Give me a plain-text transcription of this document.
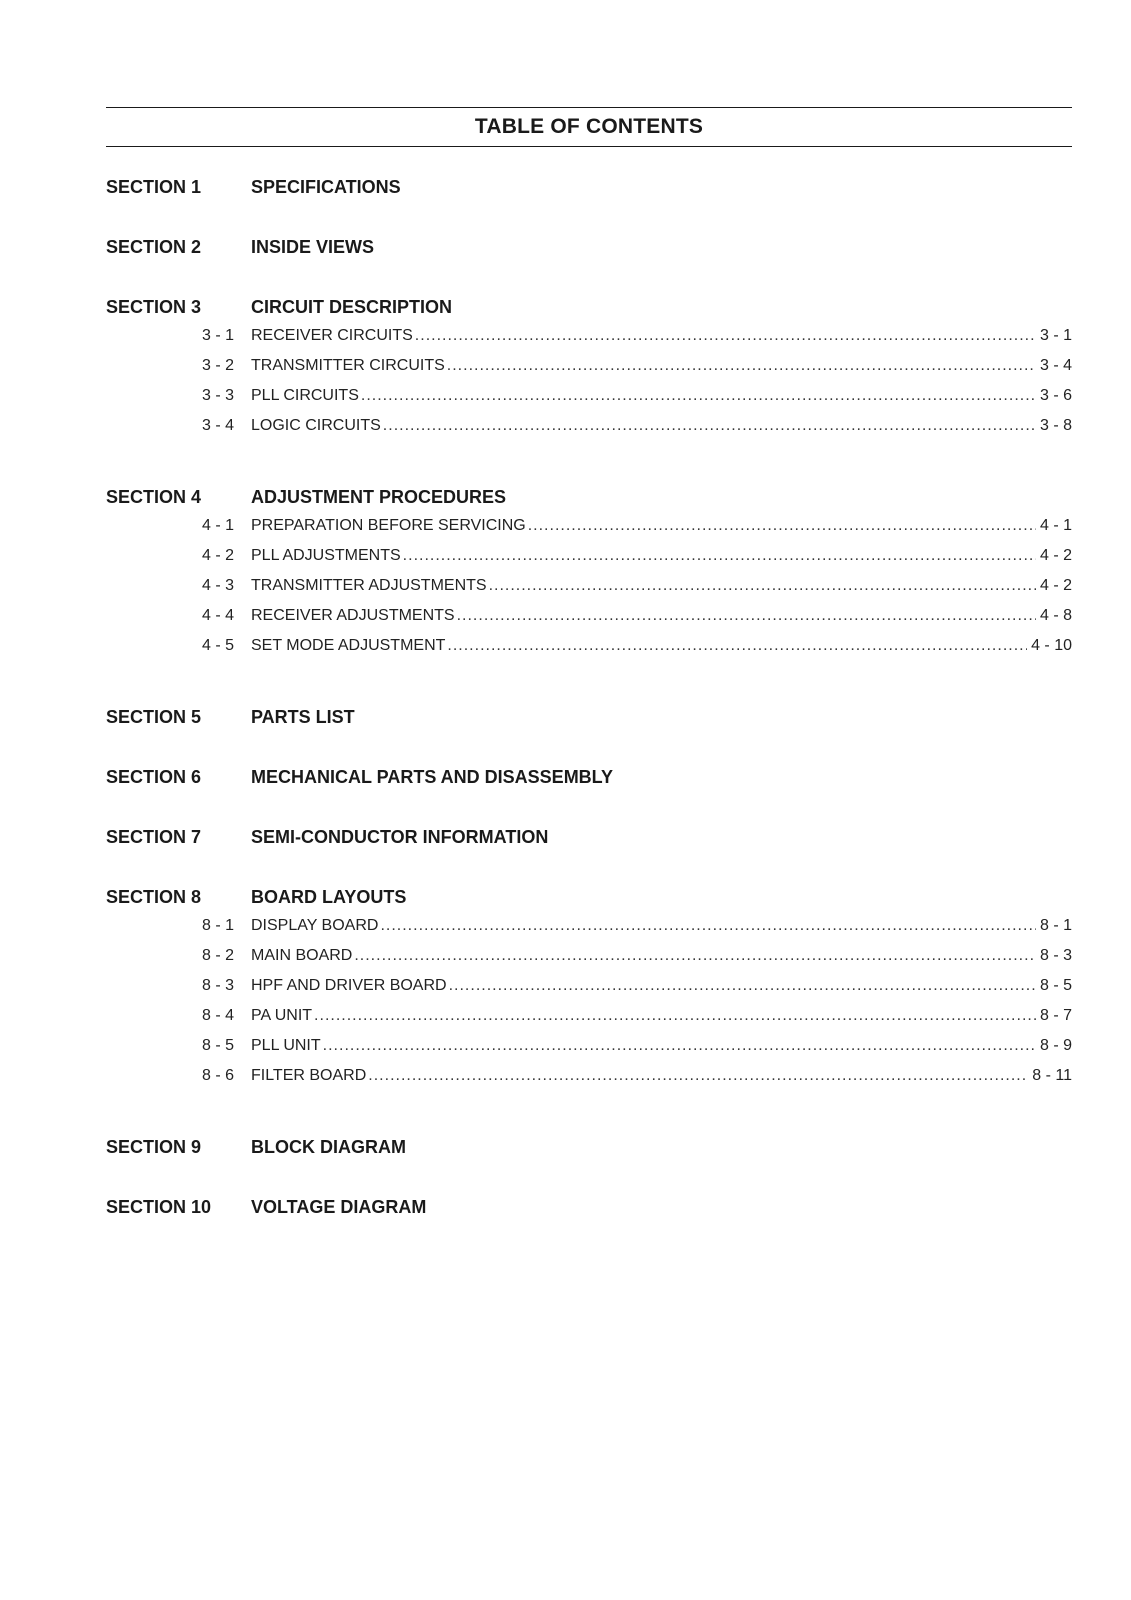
TABLE OF CONTENTS
SECTION 1	SPECIFICATIONS
SECTION 2	INSIDE VIEWS
SECTION 3	CIRCUIT DESCRIPTION
3 - 1	RECEIVER CIRCUITS .....	3 - 1
3 - 2	TRANSMITTER CIRCUITS .....	3 - 4
3 - 3	PLL CIRCUITS .....	3 - 6
3 - 4	LOGIC CIRCUITS .....	3 - 8
SECTION 4	ADJUSTMENT PROCEDURES
4 - 1	PREPARATION BEFORE SERVICING .....	4 - 1
4 - 2	PLL ADJUSTMENTS .....	4 - 2
4 - 3	TRANSMITTER ADJUSTMENTS .....	4 - 2
4 - 4	RECEIVER ADJUSTMENTS .....	4 - 8
4 - 5	SET MODE ADJUSTMENT .....	4 - 10
SECTION 5	PARTS LIST
SECTION 6	MECHANICAL PARTS AND DISASSEMBLY
SECTION 7	SEMI-CONDUCTOR INFORMATION
SECTION 8	BOARD LAYOUTS
8 - 1	DISPLAY BOARD .....	8 - 1
8 - 2	MAIN BOARD .....	8 - 3
8 - 3	HPF AND DRIVER BOARD .....	8 - 5
8 - 4	PA UNIT .....	8 - 7
8 - 5	PLL UNIT .....	8 - 9
8 - 6	FILTER BOARD .....	8 - 11
SECTION 9	BLOCK DIAGRAM
SECTION 10	VOLTAGE DIAGRAM
